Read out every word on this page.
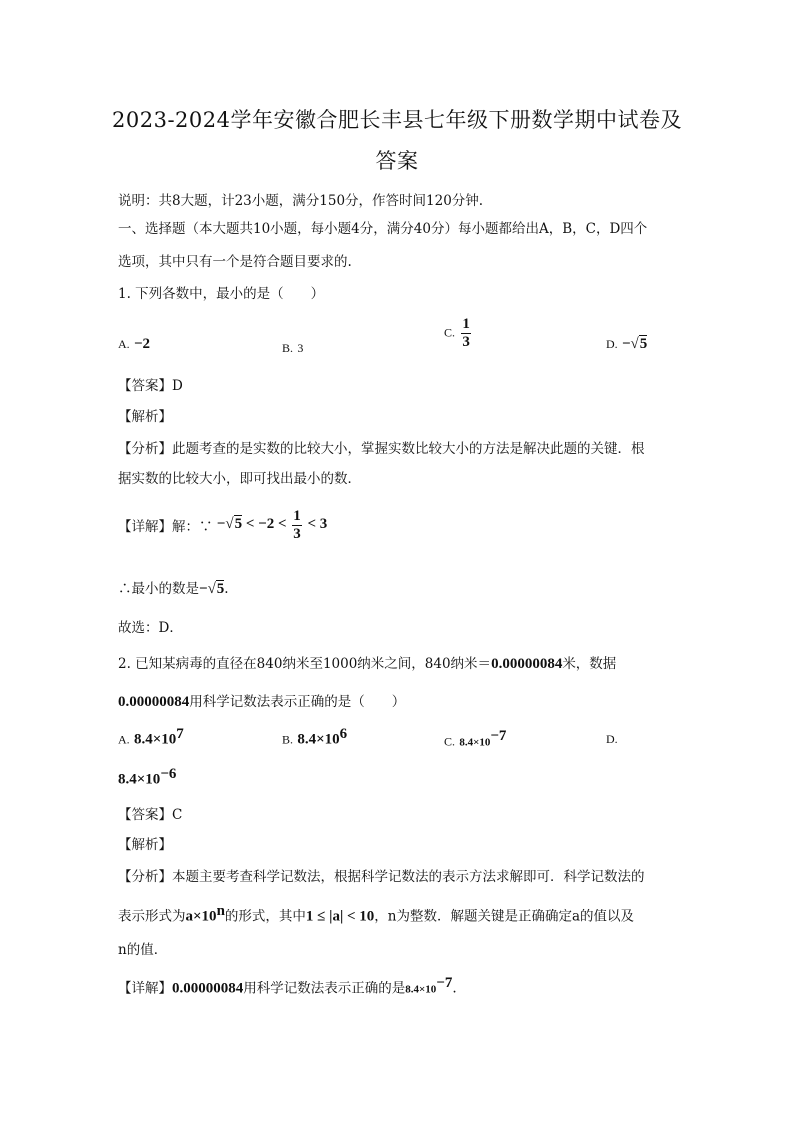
2023-2024学年安徽合肥长丰县七年级下册数学期中试卷及
答案
说明：共8大题，计23小题，满分150分，作答时间120分钟.
一、选择题（本大题共10小题，每小题4分，满分40分）每小题都给出A，B，C，D四个
选项，其中只有一个是符合题目要求的.
1. 下列各数中，最小的是（　　）
A. −2	B. 3
C. $\frac{1}{3}$	D. −√5
【答案】D
【解析】
【分析】此题考查的是实数的比较大小，掌握实数比较大小的方法是解决此题的关键．根
据实数的比较大小，即可找出最小的数．
【详解】解：∵ $-√5 < -2 < \frac{1}{3} < 3$
∴最小的数是−√5.
故选：D．
2. 已知某病毒的直径在840纳米至1000纳米之间，840纳米＝0.00000084米，数据
0.00000084用科学记数法表示正确的是（　　）
A. $8.4\times 10^7$	B. $8.4\times 10^6$	C. $8.4\times 10^{-7}$	D.
$8.4\times 10^{-6}$
【答案】C
【解析】
【分析】本题主要考查科学记数法，根据科学记数法的表示方法求解即可．科学记数法的
表示形式为$a\times 10^n$的形式，其中1 ≤ |a| < 10，n为整数．解题关键是正确确定a的值以及
n的值．
【详解】0.00000084用科学记数法表示正确的是$8.4\times 10^{-7}$.
